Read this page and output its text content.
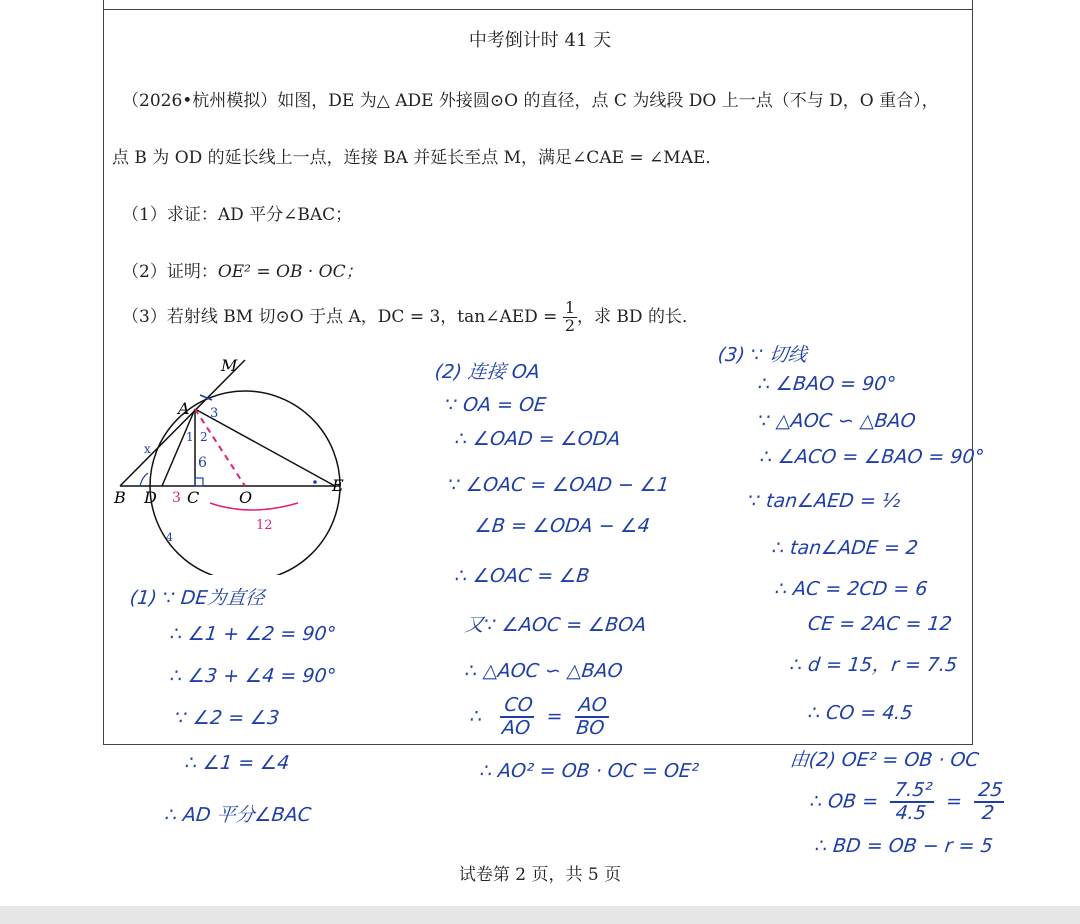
中考倒计时 41 天
（2026•杭州模拟）如图，DE 为△ ADE 外接圆⊙O 的直径，点 C 为线段 DO 上一点（不与 D，O 重合），
点 B 为 OD 的延长线上一点，连接 BA 并延长至点 M，满足∠CAE = ∠MAE．
（1）求证：AD 平分∠BAC；
（2）证明：OE² = OB · OC；
（3）若射线 BM 切⊙O 于点 A，DC = 3，tan∠AED = $\frac{1}{2}$ ，求 BD 的长．
M
A
B D C O
E
3
2
1
6
3
12
x
4
(1) ∵ DE为直径
∴ ∠1 + ∠2 = 90°
∴ ∠3 + ∠4 = 90°
∵ ∠2 = ∠3
∴ ∠1 = ∠4
∴ AD 平分∠BAC
(2) 连接 OA
∵ OA = OE
∴ ∠OAD = ∠ODA
∵ ∠OAC = ∠OAD − ∠1
∠B = ∠ODA − ∠4
∴ ∠OAC = ∠B
又∵ ∠AOC = ∠BOA
∴ △AOC ∽ △BAO
∴ $\frac{CO}{AO} = \frac{AO}{BO}$
∴ AO² = OB · OC = OE²
(3) ∵ 切线
∴ ∠BAO = 90°
∵ △AOC ∽ △BAO
∴ ∠ACO = ∠BAO = 90°
∵ tan∠AED = ½
∴ tan∠ADE = 2
∴ AC = 2CD = 6
CE = 2AC = 12
∴ d = 15，r = 7.5
∴ CO = 4.5
由(2) OE² = OB · OC
∴ OB = $\frac{\text{7.5²}}{4.5} = \frac{25}{2}$
∴ BD = OB − r = 5
试卷第 2 页，共 5 页
